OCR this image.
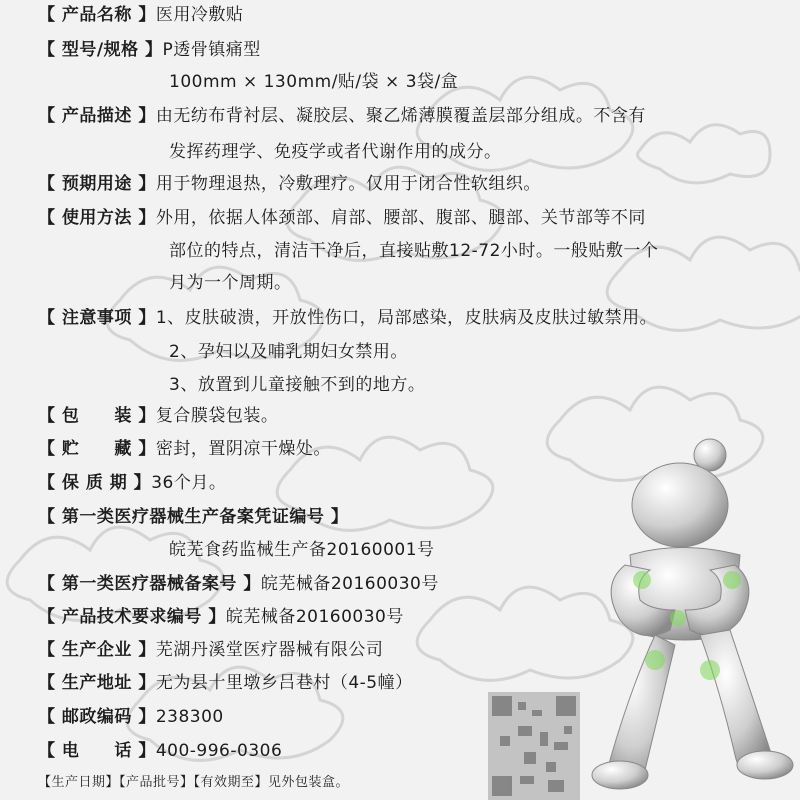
【 产品名称 】医用冷敷贴
【 型号/规格 】P透骨镇痛型
100mm × 130mm/贴/袋 × 3袋/盒
【 产品描述 】由无纺布背衬层、凝胶层、聚乙烯薄膜覆盖层部分组成。不含有
发挥药理学、免疫学或者代谢作用的成分。
【 预期用途 】用于物理退热，冷敷理疗。仅用于闭合性软组织。
【 使用方法 】外用，依据人体颈部、肩部、腰部、腹部、腿部、关节部等不同
部位的特点，清洁干净后，直接贴敷12-72小时。一般贴敷一个
月为一个周期。
【 注意事项 】1、皮肤破溃，开放性伤口，局部感染，皮肤病及皮肤过敏禁用。
2、孕妇以及哺乳期妇女禁用。
3、放置到儿童接触不到的地方。
【 包　　装 】复合膜袋包装。
【 贮　　藏 】密封，置阴凉干燥处。
【 保 质 期 】36个月。
【 第一类医疗器械生产备案凭证编号 】
皖芜食药监械生产备20160001号
【 第一类医疗器械备案号 】皖芜械备20160030号
【 产品技术要求编号 】皖芜械备20160030号
【 生产企业 】芜湖丹溪堂医疗器械有限公司
【 生产地址 】无为县十里墩乡吕巷村（4-5幢）
【 邮政编码 】238300
【 电　　话 】400-996-0306
【生产日期】【产品批号】【有效期至】见外包装盒。
